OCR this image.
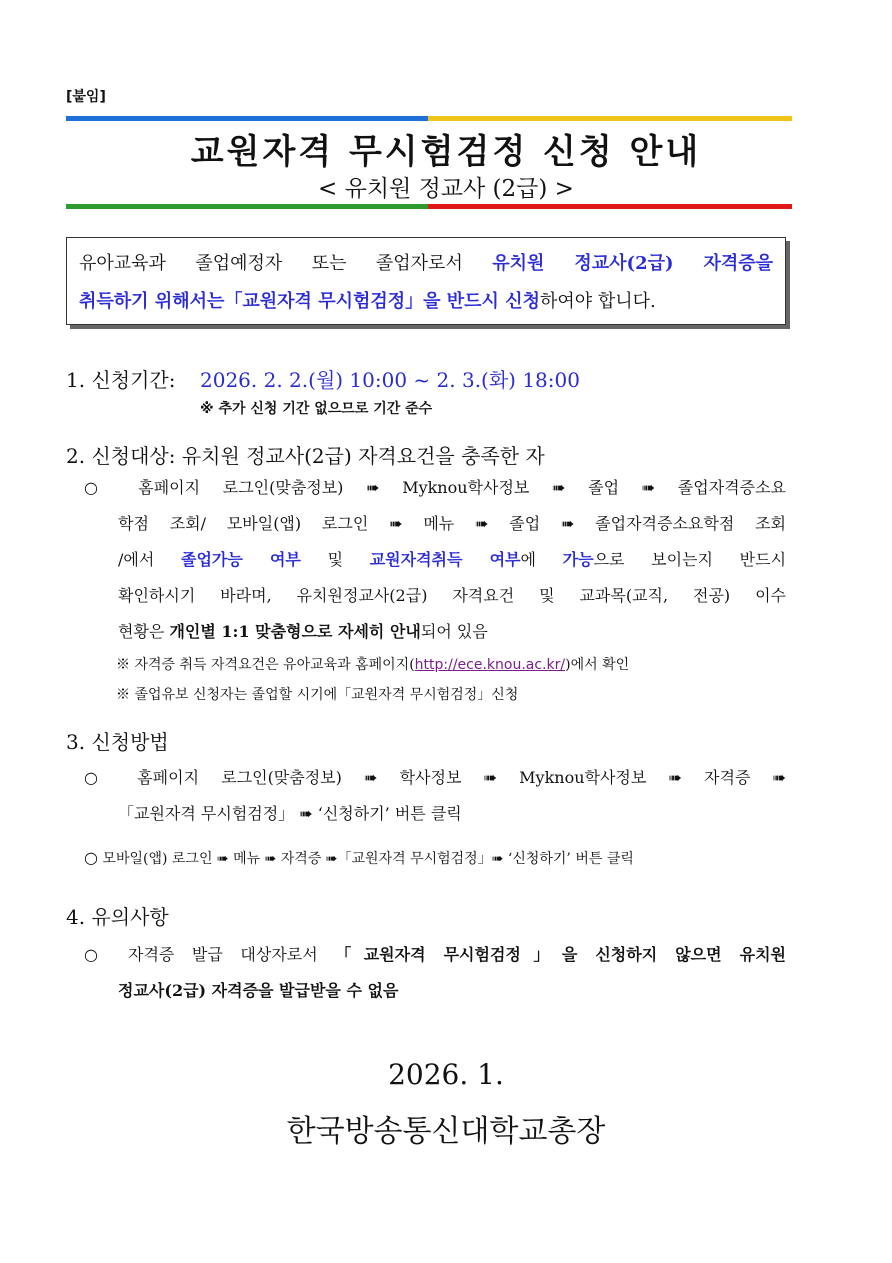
[붙임]
교원자격 무시험검정 신청 안내
< 유치원 정교사 (2급) >
유아교육과 졸업예정자 또는 졸업자로서 유치원 정교사(2급) 자격증을
취득하기 위해서는「교원자격 무시험검정」을 반드시 신청하여야 합니다.
1. 신청기간: 2026. 2. 2.(월) 10:00 ~ 2. 3.(화) 18:00
※ 추가 신청 기간 없으므로 기간 준수
2. 신청대상: 유치원 정교사(2급) 자격요건을 충족한 자
○ 홈페이지 로그인(맞춤정보) ➠ Myknou학사정보 ➠ 졸업 ➠ 졸업자격증소요
학점 조회/ 모바일(앱) 로그인 ➠ 메뉴 ➠ 졸업 ➠ 졸업자격증소요학점 조회
/에서 졸업가능 여부 및 교원자격취득 여부에 가능으로 보이는지 반드시
확인하시기 바라며, 유치원정교사(2급) 자격요건 및 교과목(교직, 전공) 이수
현황은 개인별 1:1 맞춤형으로 자세히 안내되어 있음
※ 자격증 취득 자격요건은 유아교육과 홈페이지(http://ece.knou.ac.kr/)에서 확인
※ 졸업유보 신청자는 졸업할 시기에「교원자격 무시험검정」신청
3. 신청방법
○ 홈페이지 로그인(맞춤정보) ➠ 학사정보 ➠ Myknou학사정보 ➠ 자격증 ➠
「교원자격 무시험검정」 ➠ ‘신청하기’ 버튼 클릭
○ 모바일(앱) 로그인 ➠ 메뉴 ➠ 자격증 ➠「교원자격 무시험검정」➠ ‘신청하기’ 버튼 클릭
4. 유의사항
○ 자격증 발급 대상자로서 「교원자격 무시험검정」을 신청하지 않으면 유치원
정교사(2급) 자격증을 발급받을 수 없음
2026. 1.
한국방송통신대학교총장
